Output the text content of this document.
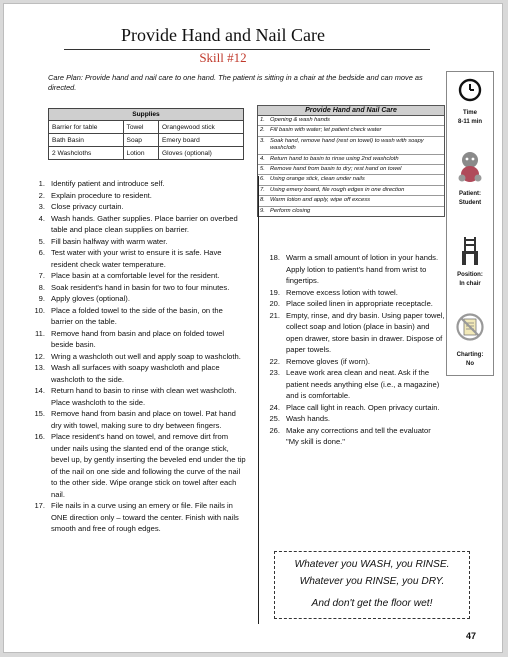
Provide Hand and Nail Care
Skill #12
Care Plan: Provide hand and nail care to one hand. The patient is sitting in a chair at the bedside and can move as directed.
Time
8-11 min
Patient:
Student
Position:
In chair
Charting:
No
Supplies		
Barrier for table	Towel	Orangewood stick
Bath Basin	Soap	Emery board
2 Washcloths	Lotion	Gloves (optional)
Provide Hand and Nail Care
1. Opening & wash hands
2. Fill basin with water; let patient check water
3. Soak hand, remove hand (rest on towel) to wash with soapy washcloth
4. Return hand to basin to rinse using 2nd washcloth
5. Remove hand from basin to dry; rest hand on towel
6. Using orange stick, clean under nails
7. Using emery board, file rough edges in one direction
8. Warm lotion and apply, wipe off excess
9. Perform closing
1. Identify patient and introduce self.
2. Explain procedure to resident.
3. Close privacy curtain.
4. Wash hands. Gather supplies. Place barrier on overbed table and place clean supplies on barrier.
5. Fill basin halfway with warm water.
6. Test water with your wrist to ensure it is safe. Have resident check water temperature.
7. Place basin at a comfortable level for the resident.
8. Soak resident's hand in basin for two to four minutes.
9. Apply gloves (optional).
10. Place a folded towel to the side of the basin, on the barrier on the table.
11. Remove hand from basin and place on folded towel beside basin.
12. Wring a washcloth out well and apply soap to washcloth.
13. Wash all surfaces with soapy washcloth and place washcloth to the side.
14. Return hand to basin to rinse with clean wet washcloth. Place washcloth to the side.
15. Remove hand from basin and place on towel. Pat hand dry with towel, making sure to dry between fingers.
16. Place resident's hand on towel, and remove dirt from under nails using the slanted end of the orange stick, bevel up, by gently inserting the beveled end under the tip of the nail on one side and following the curve of the nail to the other side. Wipe orange stick on towel after each nail.
17. File nails in a curve using an emery or file. File nails in ONE direction only – toward the center. Finish with nails smooth and free of rough edges.
18. Warm a small amount of lotion in your hands. Apply lotion to patient's hand from wrist to fingertips.
19. Remove excess lotion with towel.
20. Place soiled linen in appropriate receptacle.
21. Empty, rinse, and dry basin. Using paper towel, collect soap and lotion (place in basin) and open drawer, store basin in drawer. Dispose of paper towels.
22. Remove gloves (if worn).
23. Leave work area clean and neat. Ask if the patient needs anything else (i.e., a magazine) and is comfortable.
24. Place call light in reach. Open privacy curtain.
25. Wash hands.
26. Make any corrections and tell the evaluator "My skill is done."
Whatever you WASH, you RINSE.
Whatever you RINSE, you DRY.
And don't get the floor wet!
47
